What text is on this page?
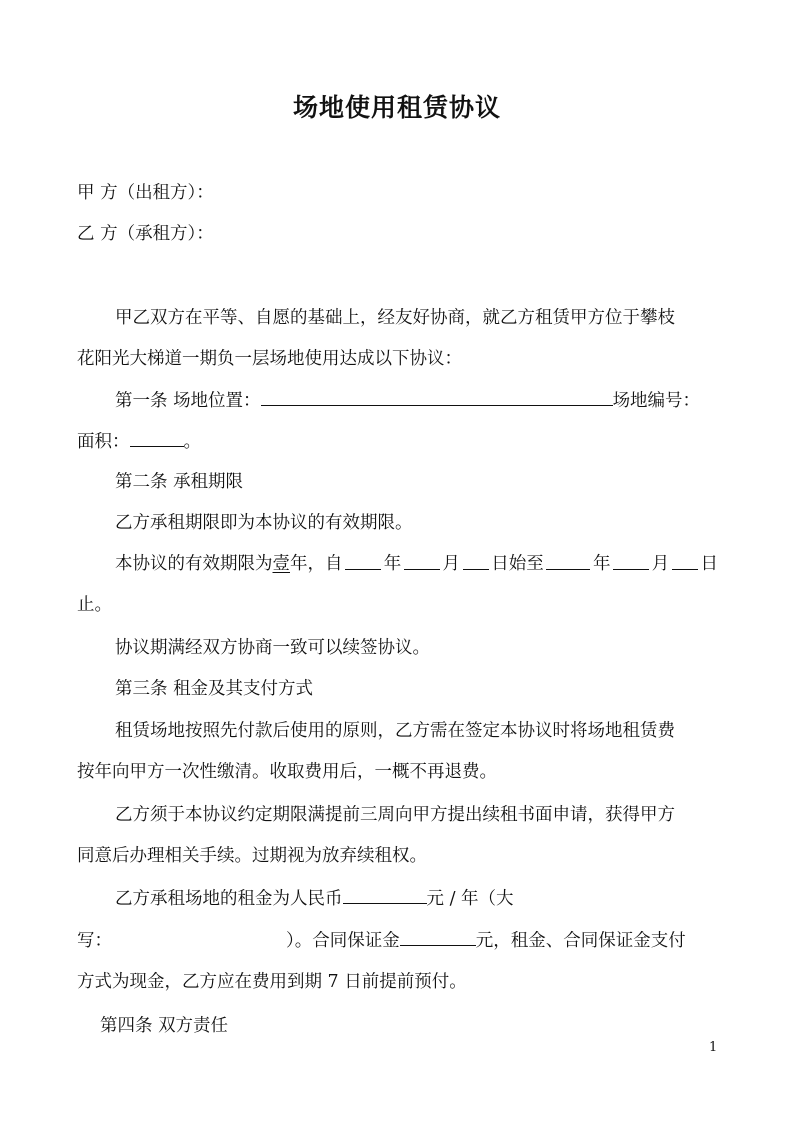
场地使用租赁协议
甲 方（出租方）：
乙 方（承租方）：
甲乙双方在平等、自愿的基础上，经友好协商，就乙方租赁甲方位于攀枝
花阳光大梯道一期负一层场地使用达成以下协议：
第一条 场地位置：	场地编号：
面积：	。
第二条 承租期限
乙方承租期限即为本协议的有效期限。
本协议的有效期限为壹年，自 年 月 日始至	年 月 日
止。
协议期满经双方协商一致可以续签协议。
第三条 租金及其支付方式
租赁场地按照先付款后使用的原则，乙方需在签定本协议时将场地租赁费
按年向甲方一次性缴清。收取费用后，一概不再退费。
乙方须于本协议约定期限满提前三周向甲方提出续租书面申请，获得甲方
同意后办理相关手续。过期视为放弃续租权。
乙方承租场地的租金为人民币	元 / 年（大
写：	）。合同保证金	元，租金、合同保证金支付
方式为现金，乙方应在费用到期 7 日前提前预付。
第四条 双方责任
1
